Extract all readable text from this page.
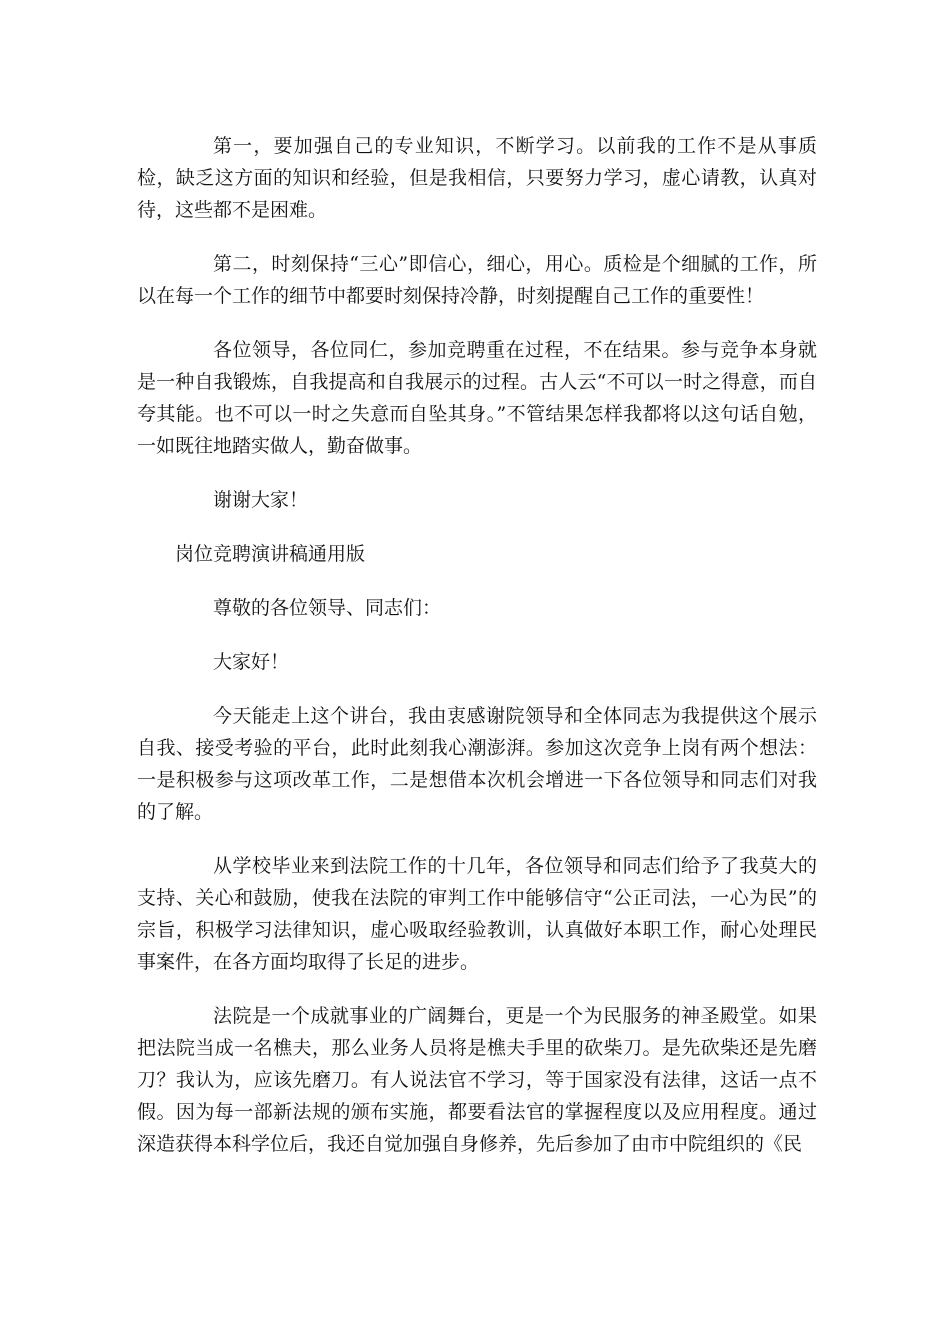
第一，要加强自己的专业知识，不断学习。以前我的工作不是从事质检，缺乏这方面的知识和经验，但是我相信，只要努力学习，虚心请教，认真对待，这些都不是困难。

第二，时刻保持“三心”即信心，细心，用心。质检是个细腻的工作，所以在每一个工作的细节中都要时刻保持冷静，时刻提醒自己工作的重要性！

各位领导，各位同仁，参加竞聘重在过程，不在结果。参与竞争本身就是一种自我锻炼，自我提高和自我展示的过程。古人云“不可以一时之得意，而自夸其能。也不可以一时之失意而自坠其身。”不管结果怎样我都将以这句话自勉，一如既往地踏实做人，勤奋做事。

谢谢大家！

岗位竞聘演讲稿通用版

尊敬的各位领导、同志们：

大家好！

今天能走上这个讲台，我由衷感谢院领导和全体同志为我提供这个展示自我、接受考验的平台，此时此刻我心潮澎湃。参加这次竞争上岗有两个想法：一是积极参与这项改革工作，二是想借本次机会增进一下各位领导和同志们对我的了解。

从学校毕业来到法院工作的十几年，各位领导和同志们给予了我莫大的支持、关心和鼓励，使我在法院的审判工作中能够信守“公正司法，一心为民”的宗旨，积极学习法律知识，虚心吸取经验教训，认真做好本职工作，耐心处理民事案件，在各方面均取得了长足的进步。

法院是一个成就事业的广阔舞台，更是一个为民服务的神圣殿堂。如果把法院当成一名樵夫，那么业务人员将是樵夫手里的砍柴刀。是先砍柴还是先磨刀？我认为，应该先磨刀。有人说法官不学习，等于国家没有法律，这话一点不假。因为每一部新法规的颁布实施，都要看法官的掌握程度以及应用程度。通过深造获得本科学位后，我还自觉加强自身修养，先后参加了由市中院组织的《民
